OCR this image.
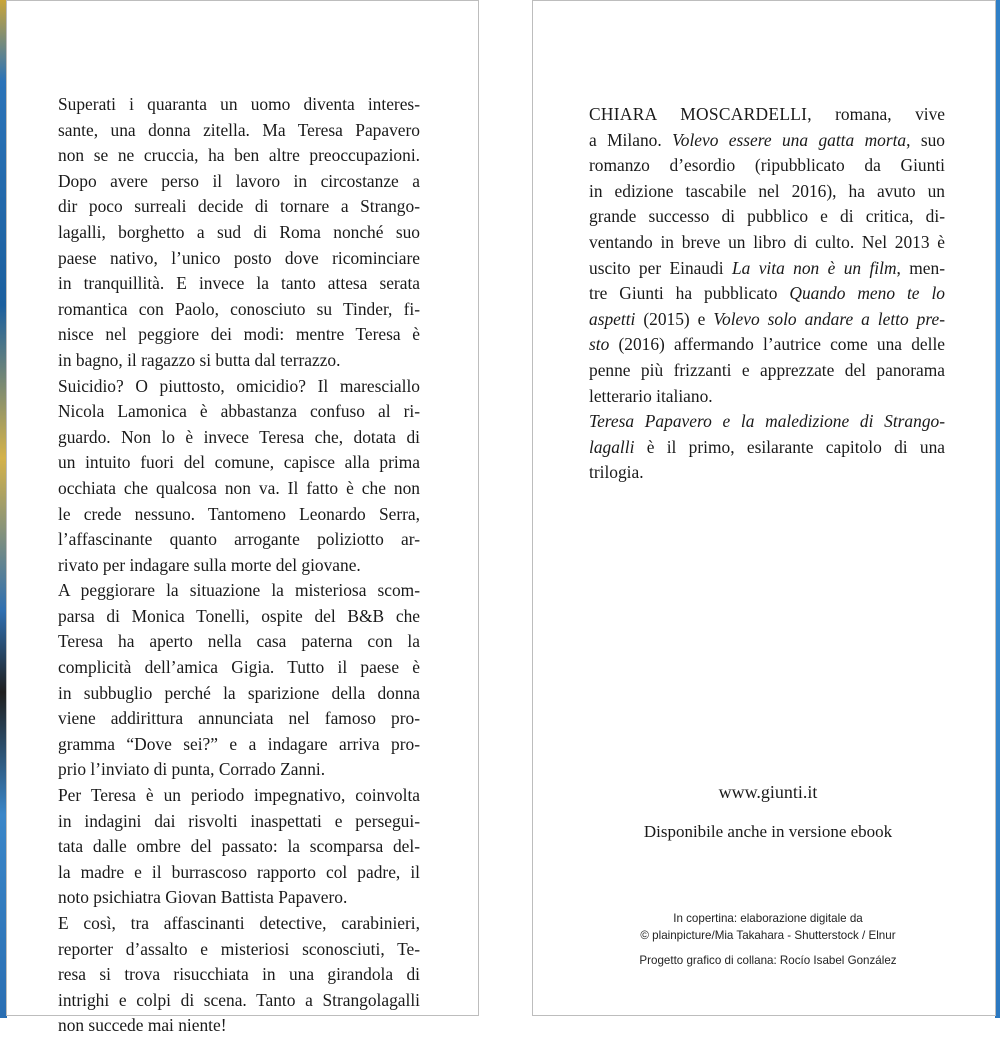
Superati i quaranta un uomo diventa interes-
sante, una donna zitella. Ma Teresa Papavero
non se ne cruccia, ha ben altre preoccupazioni.
Dopo avere perso il lavoro in circostanze a
dir poco surreali decide di tornare a Strango-
lagalli, borghetto a sud di Roma nonché suo
paese nativo, l’unico posto dove ricominciare
in tranquillità. E invece la tanto attesa serata
romantica con Paolo, conosciuto su Tinder, fi-
nisce nel peggiore dei modi: mentre Teresa è
in bagno, il ragazzo si butta dal terrazzo.
Suicidio? O piuttosto, omicidio? Il maresciallo
Nicola Lamonica è abbastanza confuso al ri-
guardo. Non lo è invece Teresa che, dotata di
un intuito fuori del comune, capisce alla prima
occhiata che qualcosa non va. Il fatto è che non
le crede nessuno. Tantomeno Leonardo Serra,
l’affascinante quanto arrogante poliziotto ar-
rivato per indagare sulla morte del giovane.
A peggiorare la situazione la misteriosa scom-
parsa di Monica Tonelli, ospite del B&B che
Teresa ha aperto nella casa paterna con la
complicità dell’amica Gigia. Tutto il paese è
in subbuglio perché la sparizione della donna
viene addirittura annunciata nel famoso pro-
gramma “Dove sei?” e a indagare arriva pro-
prio l’inviato di punta, Corrado Zanni.
Per Teresa è un periodo impegnativo, coinvolta
in indagini dai risvolti inaspettati e persegui-
tata dalle ombre del passato: la scomparsa del-
la madre e il burrascoso rapporto col padre, il
noto psichiatra Giovan Battista Papavero.
E così, tra affascinanti detective, carabinieri,
reporter d’assalto e misteriosi sconosciuti, Te-
resa si trova risucchiata in una girandola di
intrighi e colpi di scena. Tanto a Strangolagalli
non succede mai niente!
CHIARA MOSCARDELLI, romana, vive
a Milano. Volevo essere una gatta morta, suo
romanzo d’esordio (ripubblicato da Giunti
in edizione tascabile nel 2016), ha avuto un
grande successo di pubblico e di critica, di-
ventando in breve un libro di culto. Nel 2013 è
uscito per Einaudi La vita non è un film, men-
tre Giunti ha pubblicato Quando meno te lo
aspetti (2015) e Volevo solo andare a letto pre-
sto (2016) affermando l’autrice come una delle
penne più frizzanti e apprezzate del panorama
letterario italiano.
Teresa Papavero e la maledizione di Strango-
lagalli è il primo, esilarante capitolo di una
trilogia.
www.giunti.it
Disponibile anche in versione ebook
In copertina: elaborazione digitale da
© plainpicture/Mia Takahara - Shutterstock / Elnur
Progetto grafico di collana: Rocío Isabel González
